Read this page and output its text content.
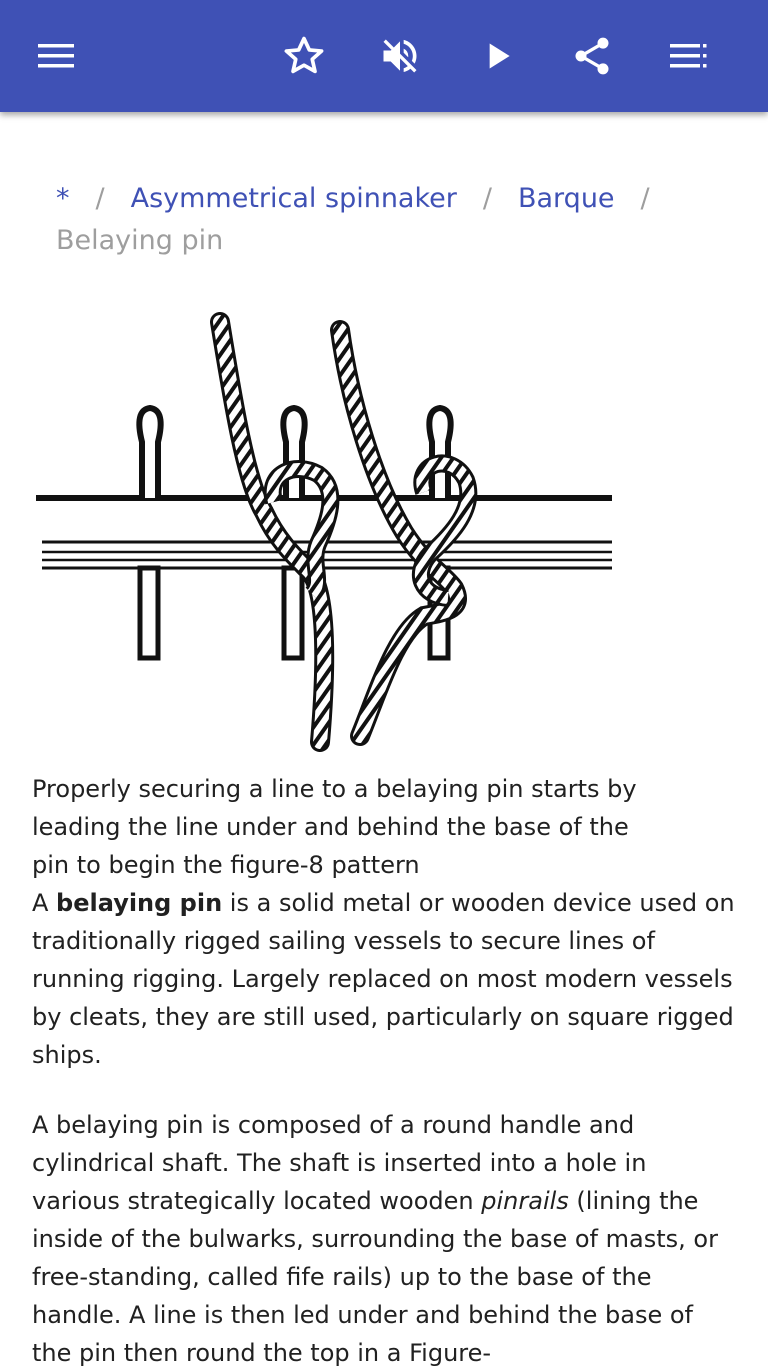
* / Asymmetrical spinnaker / Barque /
Belaying pin

Properly securing a line to a belaying pin starts by leading the line under and behind the base of the pin to begin the figure-8 pattern

A belaying pin is a solid metal or wooden device used on traditionally rigged sailing vessels to secure lines of running rigging. Largely replaced on most modern vessels by cleats, they are still used, particularly on square rigged ships.

A belaying pin is composed of a round handle and cylindrical shaft. The shaft is inserted into a hole in various strategically located wooden pinrails (lining the inside of the bulwarks, surrounding the base of masts, or free-standing, called fife rails) up to the base of the handle. A line is then led under and behind the base of the pin then round the top in a Figure-
